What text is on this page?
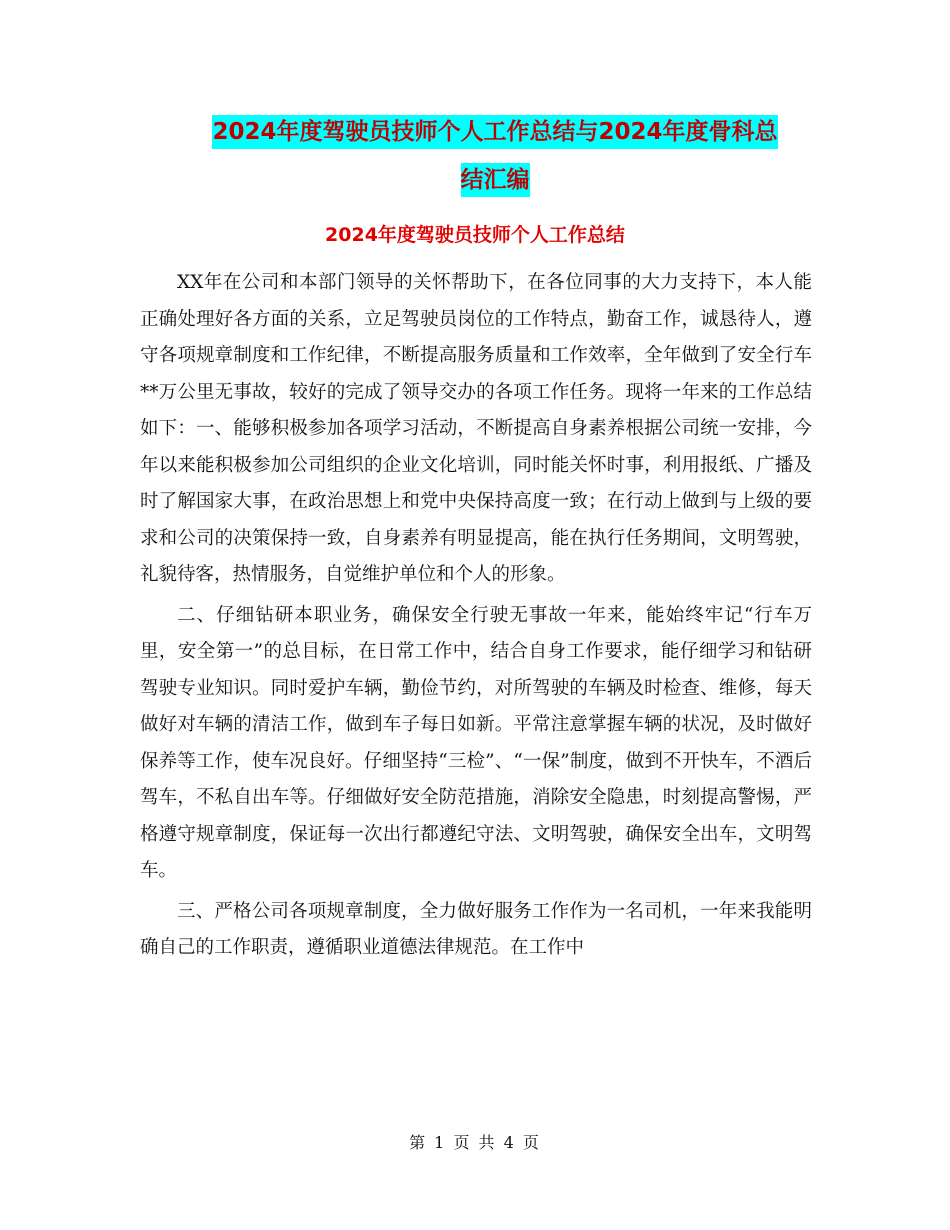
2024年度驾驶员技师个人工作总结与2024年度骨科总
结汇编
2024年度驾驶员技师个人工作总结

XX年在公司和本部门领导的关怀帮助下，在各位同事的大力支持下，本人能正确处理好各方面的关系，立足驾驶员岗位的工作特点，勤奋工作，诚恳待人，遵守各项规章制度和工作纪律，不断提高服务质量和工作效率，全年做到了安全行车**万公里无事故，较好的完成了领导交办的各项工作任务。现将一年来的工作总结如下：一、能够积极参加各项学习活动，不断提高自身素养根据公司统一安排，今年以来能积极参加公司组织的企业文化培训，同时能关怀时事，利用报纸、广播及时了解国家大事，在政治思想上和党中央保持高度一致；在行动上做到与上级的要求和公司的决策保持一致，自身素养有明显提高，能在执行任务期间，文明驾驶，礼貌待客，热情服务，自觉维护单位和个人的形象。

二、仔细钻研本职业务，确保安全行驶无事故一年来，能始终牢记“行车万里，安全第一”的总目标，在日常工作中，结合自身工作要求，能仔细学习和钻研驾驶专业知识。同时爱护车辆，勤俭节约，对所驾驶的车辆及时检查、维修，每天做好对车辆的清洁工作，做到车子每日如新。平常注意掌握车辆的状况，及时做好保养等工作，使车况良好。仔细坚持“三检”、“一保”制度，做到不开快车，不酒后驾车，不私自出车等。仔细做好安全防范措施，消除安全隐患，时刻提高警惕，严格遵守规章制度，保证每一次出行都遵纪守法、文明驾驶，确保安全出车，文明驾车。

三、严格公司各项规章制度，全力做好服务工作作为一名司机，一年来我能明确自己的工作职责，遵循职业道德法律规范。在工作中

第 1 页 共 4 页
